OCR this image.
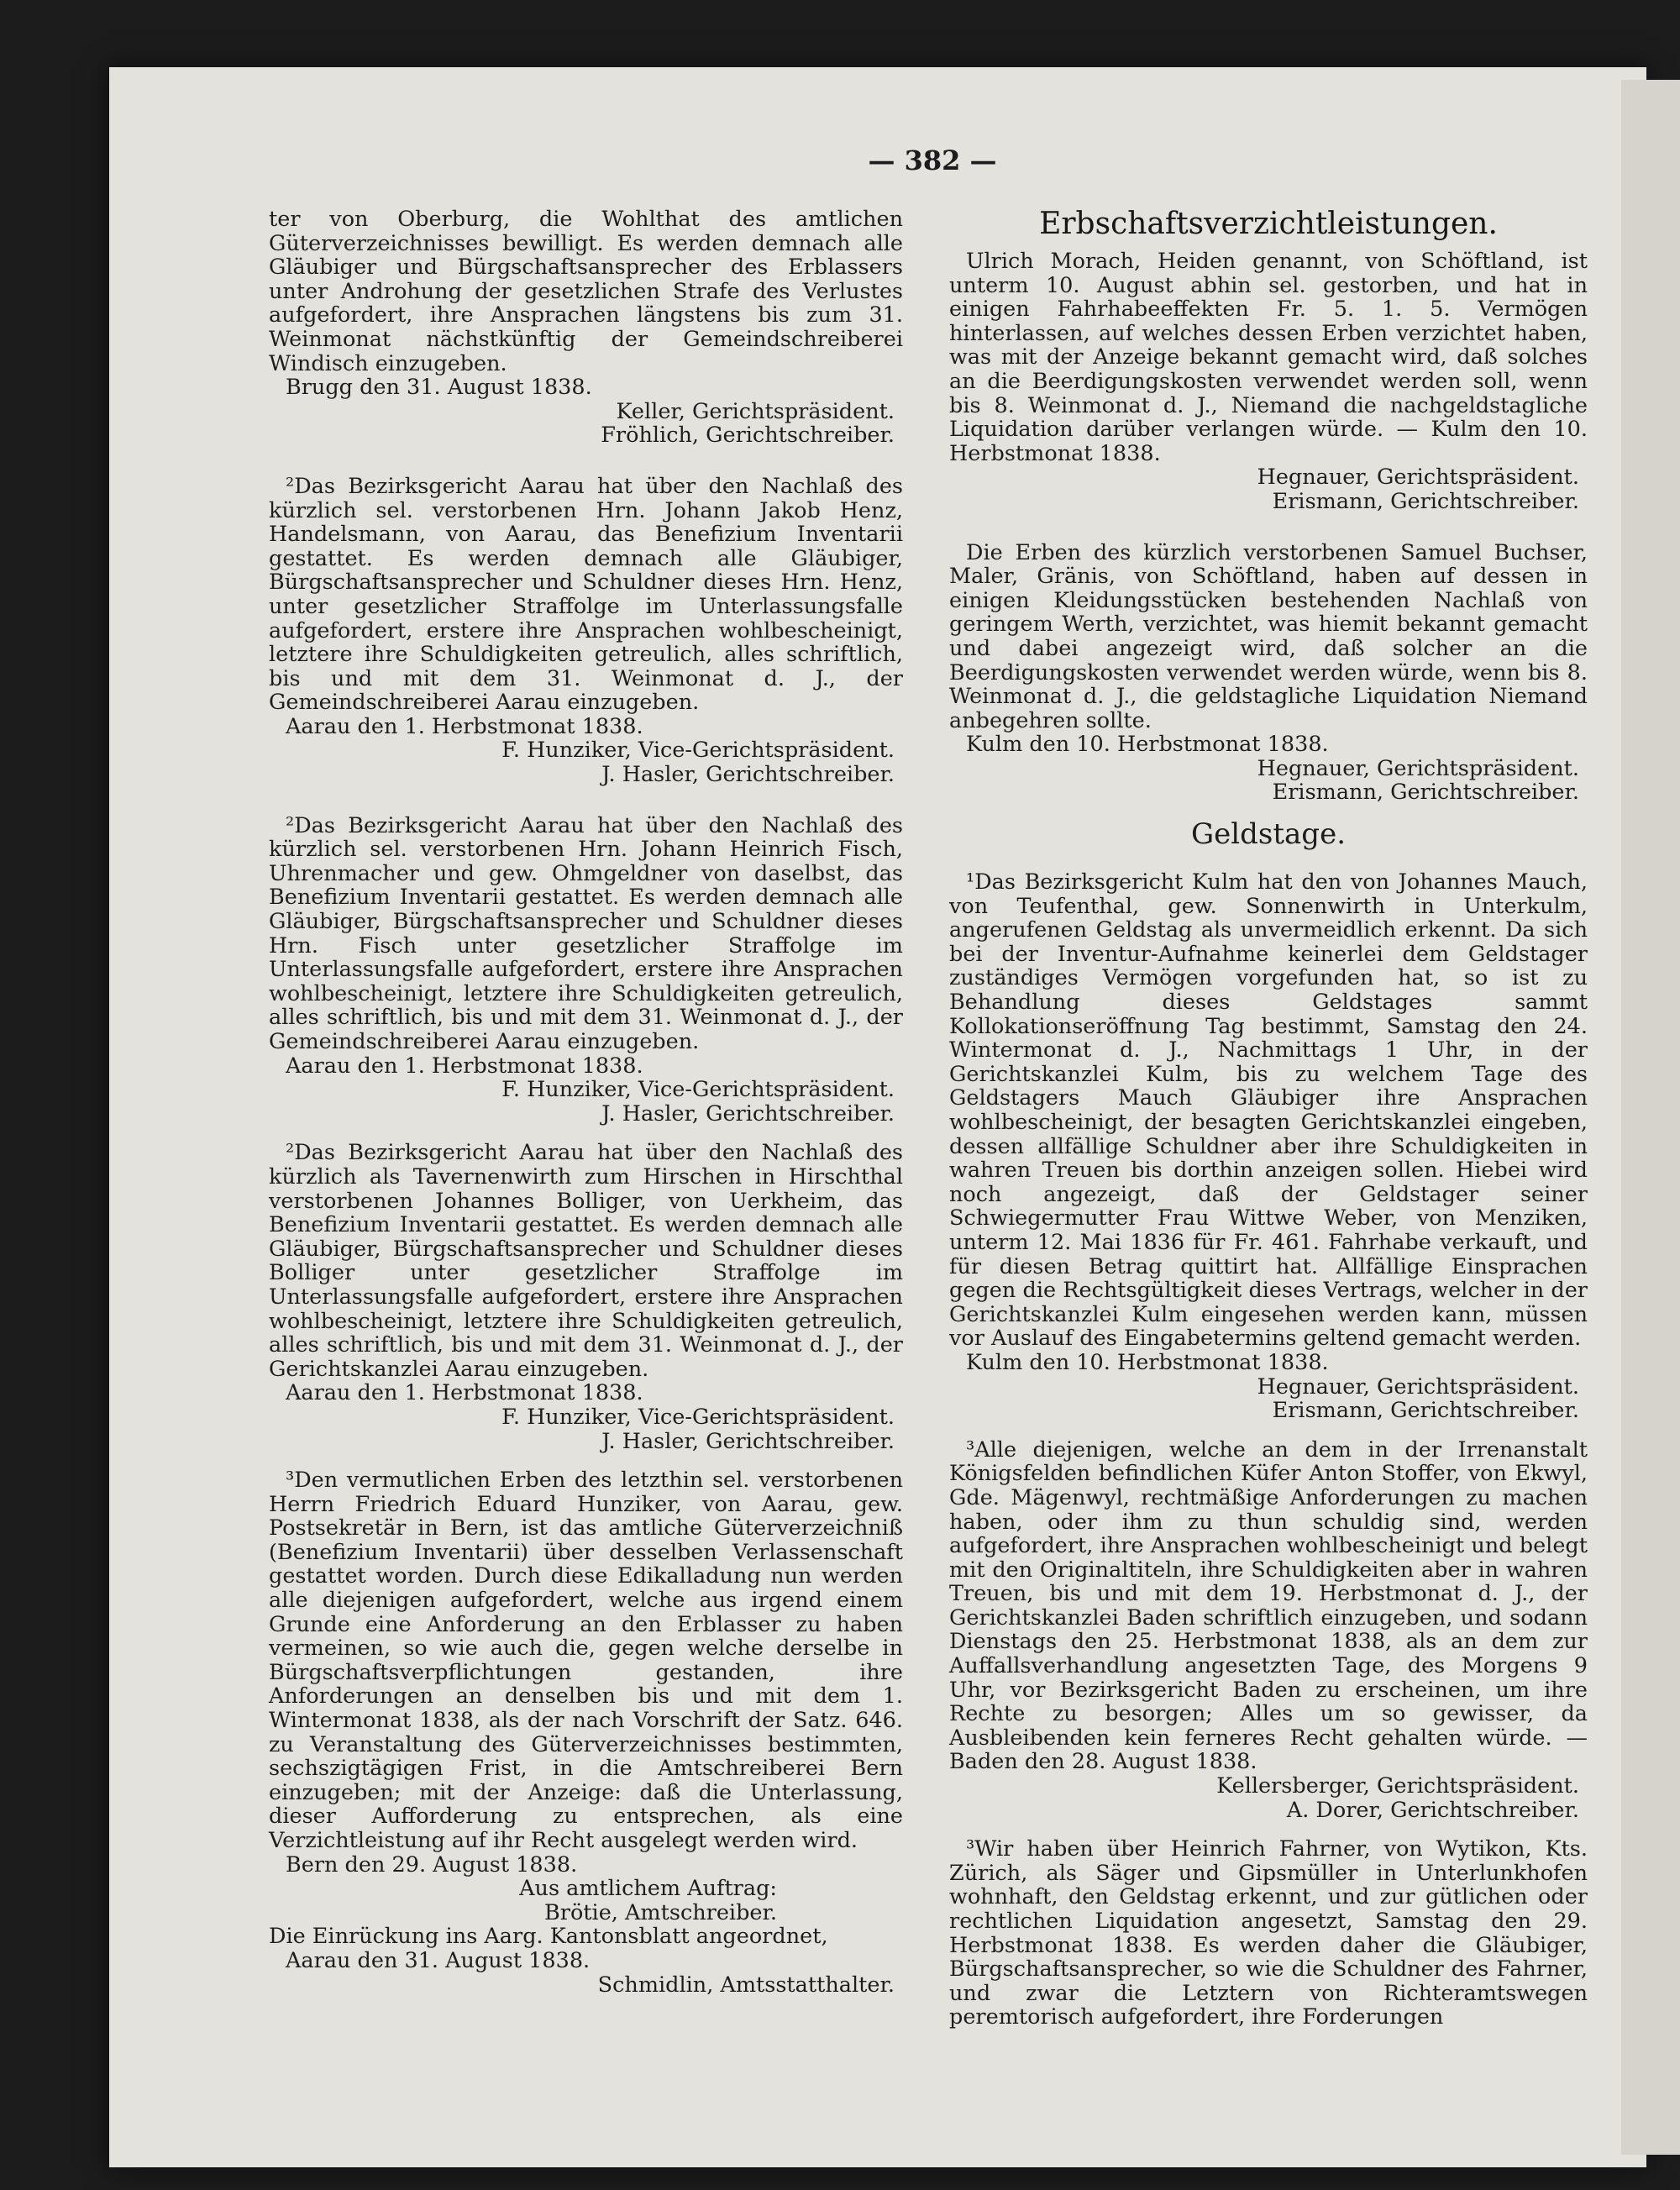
— 382 —
ter von Oberburg, die Wohlthat des amtlichen Güterverzeichnisses bewilligt. Es werden demnach alle Gläubiger und Bürgschaftsansprecher des Erblassers unter Androhung der gesetzlichen Strafe des Verlustes aufgefordert, ihre Ansprachen längstens bis zum 31. Weinmonat nächstkünftig der Gemeindschreiberei Windisch einzugeben.
Brugg den 31. August 1838.
Keller, Gerichtspräsident.
Fröhlich, Gerichtschreiber.
²Das Bezirksgericht Aarau hat über den Nachlaß des kürzlich sel. verstorbenen Hrn. Johann Jakob Henz, Handelsmann, von Aarau, das Benefizium Inventarii gestattet. Es werden demnach alle Gläubiger, Bürgschaftsansprecher und Schuldner dieses Hrn. Henz, unter gesetzlicher Straffolge im Unterlassungsfalle aufgefordert, erstere ihre Ansprachen wohlbescheinigt, letztere ihre Schuldigkeiten getreulich, alles schriftlich, bis und mit dem 31. Weinmonat d. J., der Gemeindschreiberei Aarau einzugeben.
Aarau den 1. Herbstmonat 1838.
F. Hunziker, Vice-Gerichtspräsident.
J. Hasler, Gerichtschreiber.
²Das Bezirksgericht Aarau hat über den Nachlaß des kürzlich sel. verstorbenen Hrn. Johann Heinrich Fisch, Uhrenmacher und gew. Ohmgeldner von daselbst, das Benefizium Inventarii gestattet. Es werden demnach alle Gläubiger, Bürgschaftsansprecher und Schuldner dieses Hrn. Fisch unter gesetzlicher Straffolge im Unterlassungsfalle aufgefordert, erstere ihre Ansprachen wohlbescheinigt, letztere ihre Schuldigkeiten getreulich, alles schriftlich, bis und mit dem 31. Weinmonat d. J., der Gemeindschreiberei Aarau einzugeben.
Aarau den 1. Herbstmonat 1838.
F. Hunziker, Vice-Gerichtspräsident.
J. Hasler, Gerichtschreiber.
²Das Bezirksgericht Aarau hat über den Nachlaß des kürzlich als Tavernenwirth zum Hirschen in Hirschthal verstorbenen Johannes Bolliger, von Uerkheim, das Benefizium Inventarii gestattet. Es werden demnach alle Gläubiger, Bürgschaftsansprecher und Schuldner dieses Bolliger unter gesetzlicher Straffolge im Unterlassungsfalle aufgefordert, erstere ihre Ansprachen wohlbescheinigt, letztere ihre Schuldigkeiten getreulich, alles schriftlich, bis und mit dem 31. Weinmonat d. J., der Gerichtskanzlei Aarau einzugeben.
Aarau den 1. Herbstmonat 1838.
F. Hunziker, Vice-Gerichtspräsident.
J. Hasler, Gerichtschreiber.
³Den vermutlichen Erben des letzthin sel. verstorbenen Herrn Friedrich Eduard Hunziker, von Aarau, gew. Postsekretär in Bern, ist das amtliche Güterverzeichniß (Benefizium Inventarii) über desselben Verlassenschaft gestattet worden. Durch diese Edikalladung nun werden alle diejenigen aufgefordert, welche aus irgend einem Grunde eine Anforderung an den Erblasser zu haben vermeinen, so wie auch die, gegen welche derselbe in Bürgschaftsverpflichtungen gestanden, ihre Anforderungen an denselben bis und mit dem 1. Wintermonat 1838, als der nach Vorschrift der Satz. 646. zu Veranstaltung des Güterverzeichnisses bestimmten, sechszigtägigen Frist, in die Amtschreiberei Bern einzugeben; mit der Anzeige: daß die Unterlassung, dieser Aufforderung zu entsprechen, als eine Verzichtleistung auf ihr Recht ausgelegt werden wird.
Bern den 29. August 1838.
Aus amtlichem Auftrag:
Brötie, Amtschreiber.
Die Einrückung ins Aarg. Kantonsblatt angeordnet,
Aarau den 31. August 1838.
Schmidlin, Amtsstatthalter.
Erbschaftsverzichtleistungen.
Ulrich Morach, Heiden genannt, von Schöftland, ist unterm 10. August abhin sel. gestorben, und hat in einigen Fahrhabeeffekten Fr. 5. 1. 5. Vermögen hinterlassen, auf welches dessen Erben verzichtet haben, was mit der Anzeige bekannt gemacht wird, daß solches an die Beerdigungskosten verwendet werden soll, wenn bis 8. Weinmonat d. J., Niemand die nachgeldstagliche Liquidation darüber verlangen würde. — Kulm den 10. Herbstmonat 1838.
Hegnauer, Gerichtspräsident.
Erismann, Gerichtschreiber.
Die Erben des kürzlich verstorbenen Samuel Buchser, Maler, Gränis, von Schöftland, haben auf dessen in einigen Kleidungsstücken bestehenden Nachlaß von geringem Werth, verzichtet, was hiemit bekannt gemacht und dabei angezeigt wird, daß solcher an die Beerdigungskosten verwendet werden würde, wenn bis 8. Weinmonat d. J., die geldstagliche Liquidation Niemand anbegehren sollte.
Kulm den 10. Herbstmonat 1838.
Hegnauer, Gerichtspräsident.
Erismann, Gerichtschreiber.
Geldstage.
¹Das Bezirksgericht Kulm hat den von Johannes Mauch, von Teufenthal, gew. Sonnenwirth in Unterkulm, angerufenen Geldstag als unvermeidlich erkennt. Da sich bei der Inventur-Aufnahme keinerlei dem Geldstager zuständiges Vermögen vorgefunden hat, so ist zu Behandlung dieses Geldstages sammt Kollokationseröffnung Tag bestimmt, Samstag den 24. Wintermonat d. J., Nachmittags 1 Uhr, in der Gerichtskanzlei Kulm, bis zu welchem Tage des Geldstagers Mauch Gläubiger ihre Ansprachen wohlbescheinigt, der besagten Gerichtskanzlei eingeben, dessen allfällige Schuldner aber ihre Schuldigkeiten in wahren Treuen bis dorthin anzeigen sollen. Hiebei wird noch angezeigt, daß der Geldstager seiner Schwiegermutter Frau Wittwe Weber, von Menziken, unterm 12. Mai 1836 für Fr. 461. Fahrhabe verkauft, und für diesen Betrag quittirt hat. Allfällige Einsprachen gegen die Rechtsgültigkeit dieses Vertrags, welcher in der Gerichtskanzlei Kulm eingesehen werden kann, müssen vor Auslauf des Eingabetermins geltend gemacht werden.
Kulm den 10. Herbstmonat 1838.
Hegnauer, Gerichtspräsident.
Erismann, Gerichtschreiber.
³Alle diejenigen, welche an dem in der Irrenanstalt Königsfelden befindlichen Küfer Anton Stoffer, von Ekwyl, Gde. Mägenwyl, rechtmäßige Anforderungen zu machen haben, oder ihm zu thun schuldig sind, werden aufgefordert, ihre Ansprachen wohlbescheinigt und belegt mit den Originaltiteln, ihre Schuldigkeiten aber in wahren Treuen, bis und mit dem 19. Herbstmonat d. J., der Gerichtskanzlei Baden schriftlich einzugeben, und sodann Dienstags den 25. Herbstmonat 1838, als an dem zur Auffallsverhandlung angesetzten Tage, des Morgens 9 Uhr, vor Bezirksgericht Baden zu erscheinen, um ihre Rechte zu besorgen; Alles um so gewisser, da Ausbleibenden kein ferneres Recht gehalten würde. — Baden den 28. August 1838.
Kellersberger, Gerichtspräsident.
A. Dorer, Gerichtschreiber.
³Wir haben über Heinrich Fahrner, von Wytikon, Kts. Zürich, als Säger und Gipsmüller in Unterlunkhofen wohnhaft, den Geldstag erkennt, und zur gütlichen oder rechtlichen Liquidation angesetzt, Samstag den 29. Herbstmonat 1838. Es werden daher die Gläubiger, Bürgschaftsansprecher, so wie die Schuldner des Fahrner, und zwar die Letztern von Richteramtswegen peremtorisch aufgefordert, ihre Forderungen
